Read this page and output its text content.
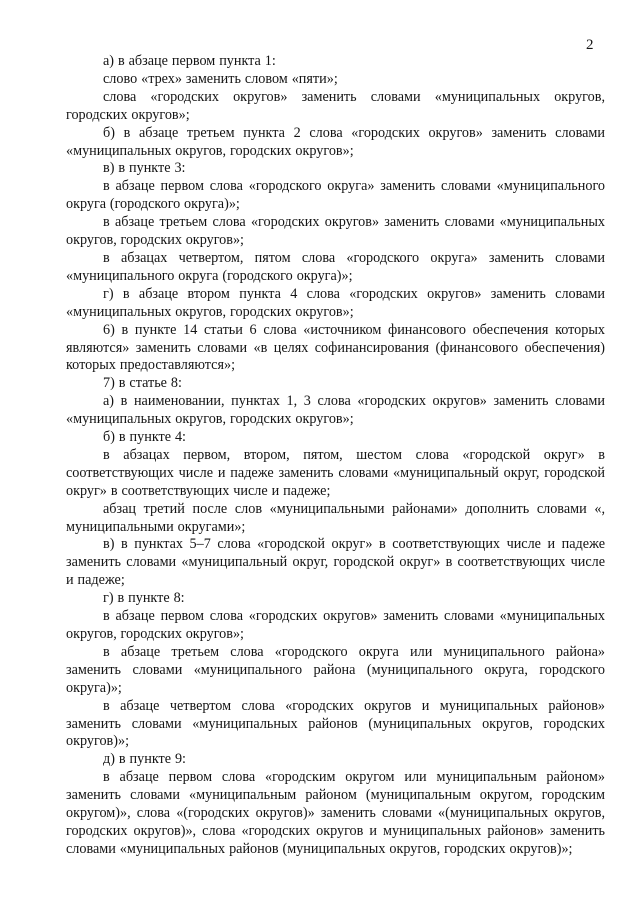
2

а) в абзаце первом пункта 1:

слово «трех» заменить словом «пяти»;

слова «городских округов» заменить словами «муниципальных округов, городских округов»;

б) в абзаце третьем пункта 2 слова «городских округов» заменить словами «муниципальных округов, городских округов»;

в) в пункте 3:

в абзаце первом слова «городского округа» заменить словами «муниципального округа (городского округа)»;

в абзаце третьем слова «городских округов» заменить словами «муниципальных округов, городских округов»;

в абзацах четвертом, пятом слова «городского округа» заменить словами «муниципального округа (городского округа)»;

г) в абзаце втором пункта 4 слова «городских округов» заменить словами «муниципальных округов, городских округов»;

6) в пункте 14 статьи 6 слова «источником финансового обеспечения которых являются» заменить словами «в целях софинансирования (финансового обеспечения) которых предоставляются»;

7) в статье 8:

а) в наименовании, пунктах 1, 3 слова «городских округов» заменить словами «муниципальных округов, городских округов»;

б) в пункте 4:

в абзацах первом, втором, пятом, шестом слова «городской округ» в соответствующих числе и падеже заменить словами «муниципальный округ, городской округ» в соответствующих числе и падеже;

абзац третий после слов «муниципальными районами» дополнить словами «, муниципальными округами»;

в) в пунктах 5–7 слова «городской округ» в соответствующих числе и падеже заменить словами «муниципальный округ, городской округ» в соответствующих числе и падеже;

г) в пункте 8:

в абзаце первом слова «городских округов» заменить словами «муниципальных округов, городских округов»;

в абзаце третьем слова «городского округа или муниципального района» заменить словами «муниципального района (муниципального округа, городского округа)»;

в абзаце четвертом слова «городских округов и муниципальных районов» заменить словами «муниципальных районов (муниципальных округов, городских округов)»;

д) в пункте 9:

в абзаце первом слова «городским округом или муниципальным районом» заменить словами «муниципальным районом (муниципальным округом, городским округом)», слова «(городских округов)» заменить словами «(муниципальных округов, городских округов)», слова «городских округов и муниципальных районов» заменить словами «муниципальных районов (муниципальных округов, городских округов)»;
